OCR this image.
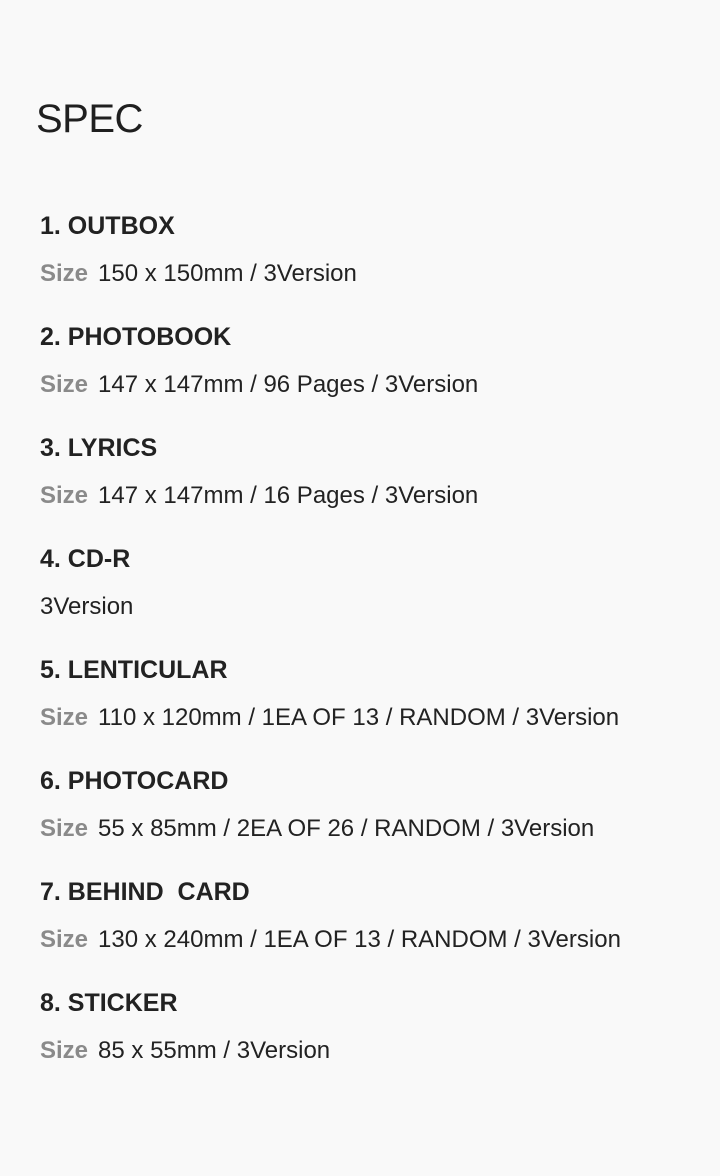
SPEC
1. OUTBOX
Size 150 x 150mm / 3Version
2. PHOTOBOOK
Size 147 x 147mm / 96 Pages / 3Version
3. LYRICS
Size 147 x 147mm / 16 Pages / 3Version
4. CD-R
3Version
5. LENTICULAR
Size 110 x 120mm / 1EA OF 13 / RANDOM / 3Version
6. PHOTOCARD
Size 55 x 85mm / 2EA OF 26 / RANDOM / 3Version
7. BEHIND  CARD
Size 130 x 240mm / 1EA OF 13 / RANDOM / 3Version
8. STICKER
Size 85 x 55mm / 3Version
